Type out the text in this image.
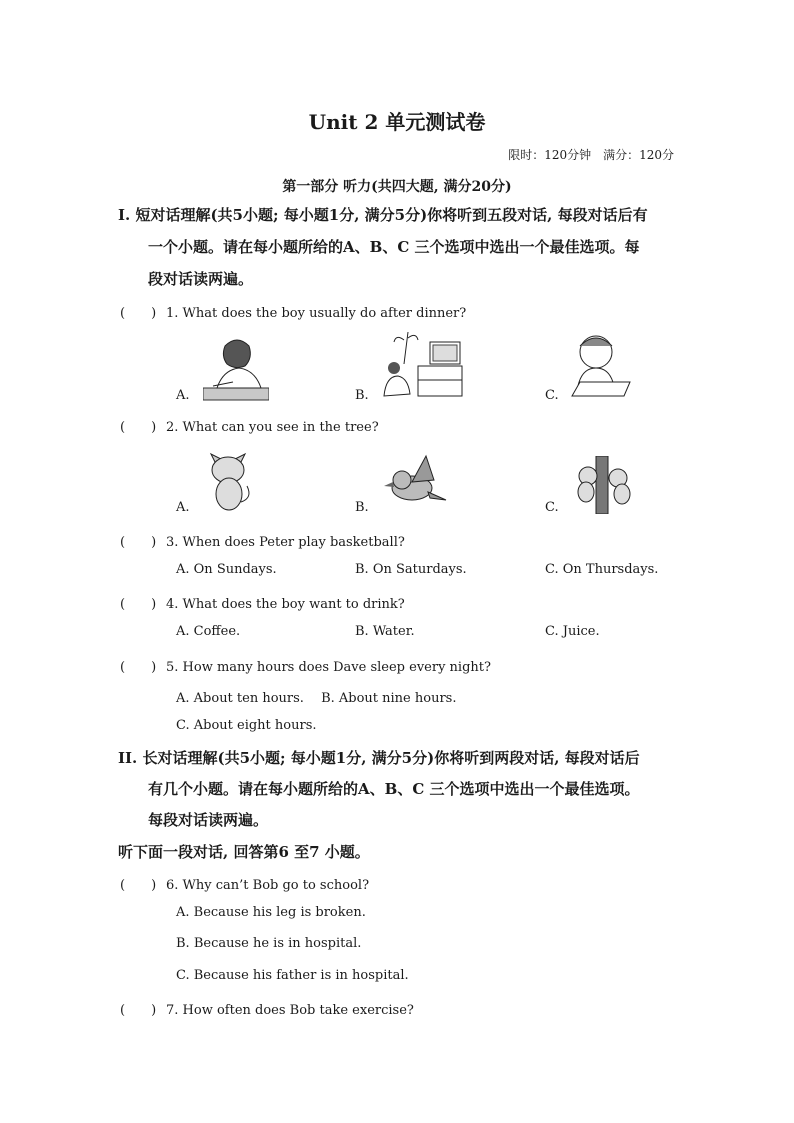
Unit 2 单元测试卷
限时：120分钟　满分：120分
第一部分 听力(共四大题, 满分20分)
I. 短对话理解(共5小题; 每小题1分, 满分5分)你将听到五段对话, 每段对话后有
一个小题。请在每小题所给的A、B、C 三个选项中选出一个最佳选项。每
段对话读两遍。
(　　) 1. What does the boy usually do after dinner?
A.	B.	C.
(　　) 2. What can you see in the tree?
A.	B.	C.
(　　) 3. When does Peter play basketball?
A. On Sundays.	B. On Saturdays.	C. On Thursdays.
(　　) 4. What does the boy want to drink?
A. Coffee.	B. Water.	C. Juice.
(　　) 5. How many hours does Dave sleep every night?
A. About ten hours.　 B. About nine hours.
C. About eight hours.
II. 长对话理解(共5小题; 每小题1分, 满分5分)你将听到两段对话, 每段对话后
有几个小题。请在每小题所给的A、B、C 三个选项中选出一个最佳选项。
每段对话读两遍。
听下面一段对话, 回答第6 至7 小题。
(　　) 6. Why can’t Bob go to school?
A. Because his leg is broken.
B. Because he is in hospital.
C. Because his father is in hospital.
(　　) 7. How often does Bob take exercise?
